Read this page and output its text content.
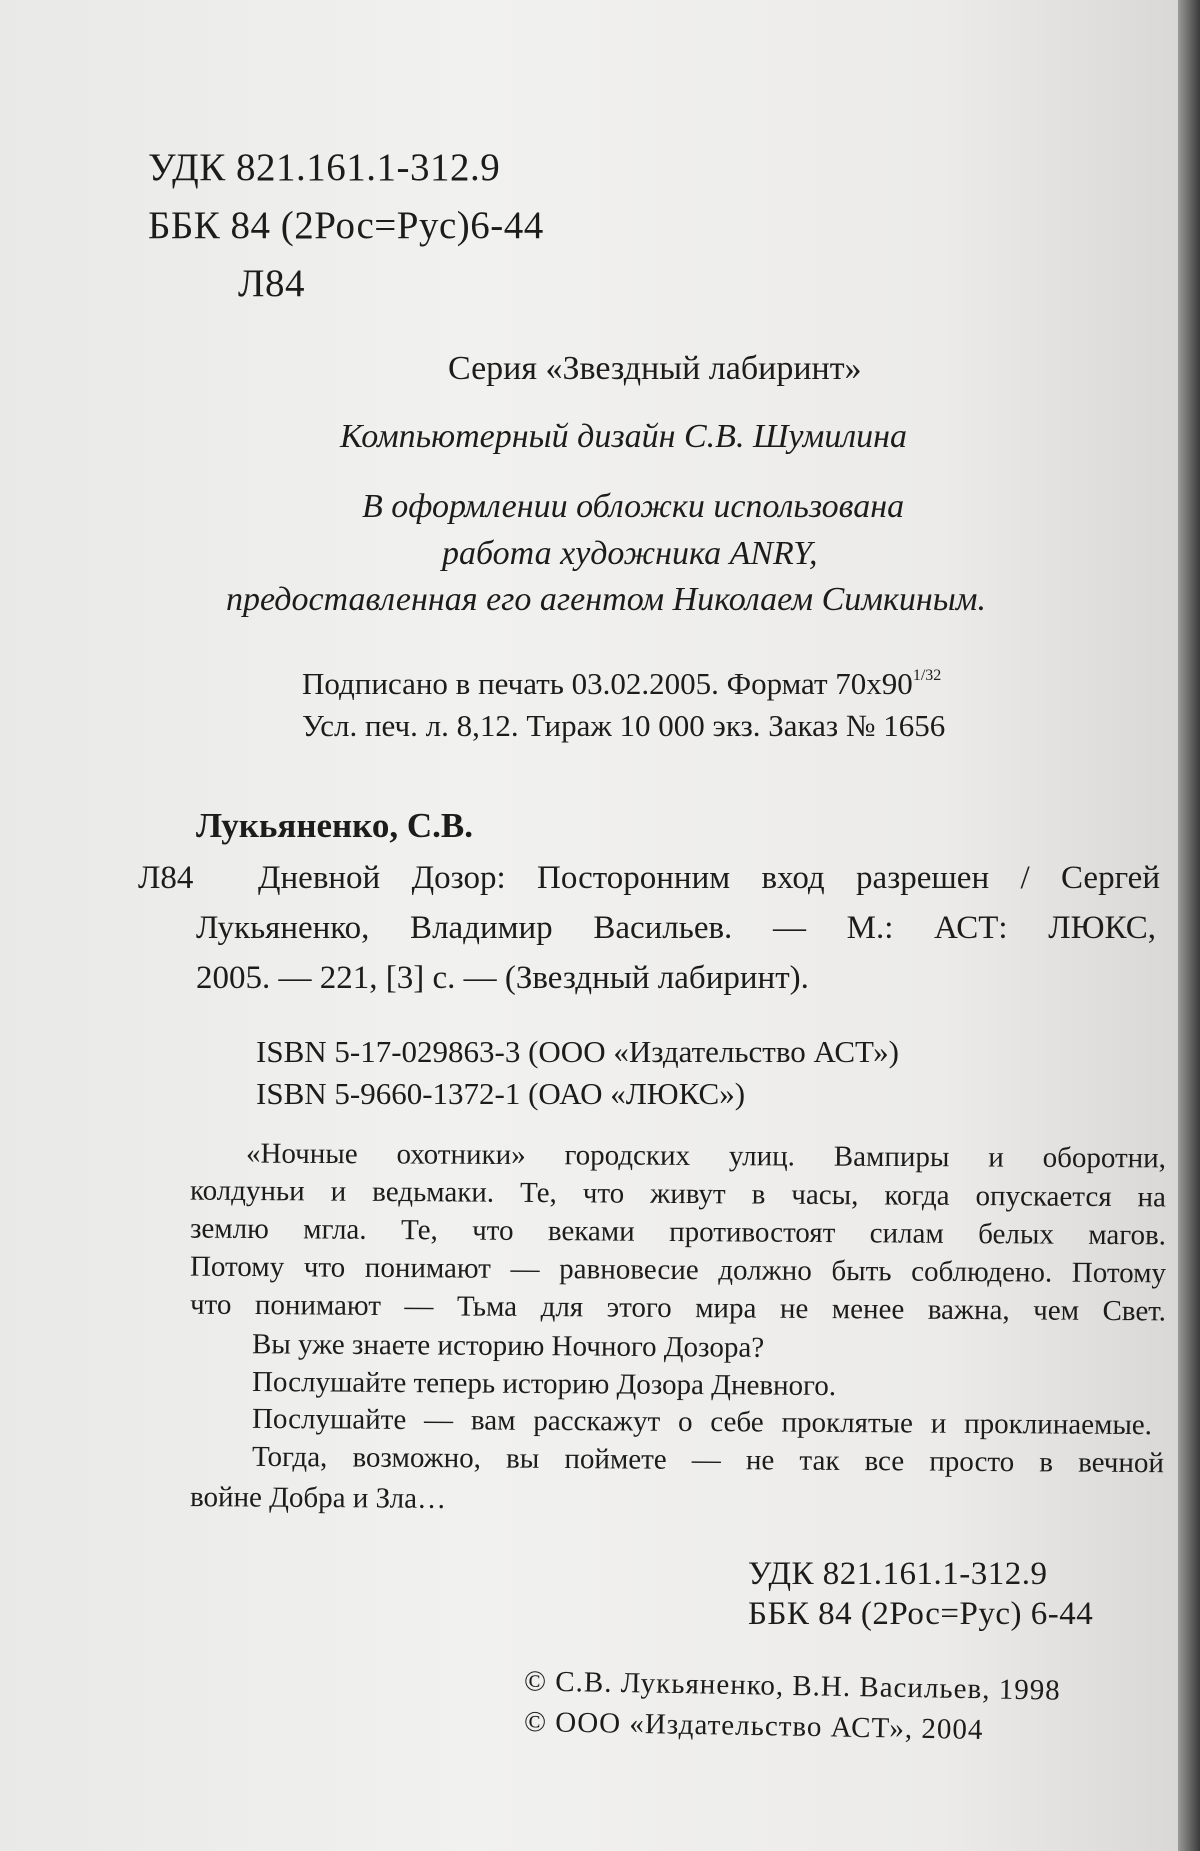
УДК 821.161.1-312.9
ББК 84 (2Рос=Рус)6-44
Л84
Серия «Звездный лабиринт»
Компьютерный дизайн С.В. Шумилина
В оформлении обложки использована
работа художника ANRY,
предоставленная его агентом Николаем Симкиным.
Подписано в печать 03.02.2005. Формат $70x90^{1/32}$
Усл. печ. л. 8,12. Тираж 10 000 экз. Заказ № 1656
Лукьяненко, С.В.
Л84 Дневной Дозор: Посторонним вход разрешен / Сергей
Лукьяненко, Владимир Васильев. — М.: АСТ: ЛЮКС,
2005. — 221, [3] с. — (Звездный лабиринт).
ISBN 5-17-029863-3 (ООО «Издательство АСТ»)
ISBN 5-9660-1372-1 (ОАО «ЛЮКС»)
«Ночные охотники» городских улиц. Вампиры и оборотни,
колдуньи и ведьмаки. Те, что живут в часы, когда опускается на
землю мгла. Те, что веками противостоят силам белых магов.
Потому что понимают — равновесие должно быть соблюдено. Потому
что понимают — Тьма для этого мира не менее важна, чем Свет.
Вы уже знаете историю Ночного Дозора?
Послушайте теперь историю Дозора Дневного.
Послушайте — вам расскажут о себе проклятые и проклинаемые.
Тогда, возможно, вы поймете — не так все просто в вечной
войне Добра и Зла…
УДК 821.161.1-312.9
ББК 84 (2Рос=Рус) 6-44
© С.В. Лукьяненко, В.Н. Васильев, 1998
© ООО «Издательство АСТ», 2004
